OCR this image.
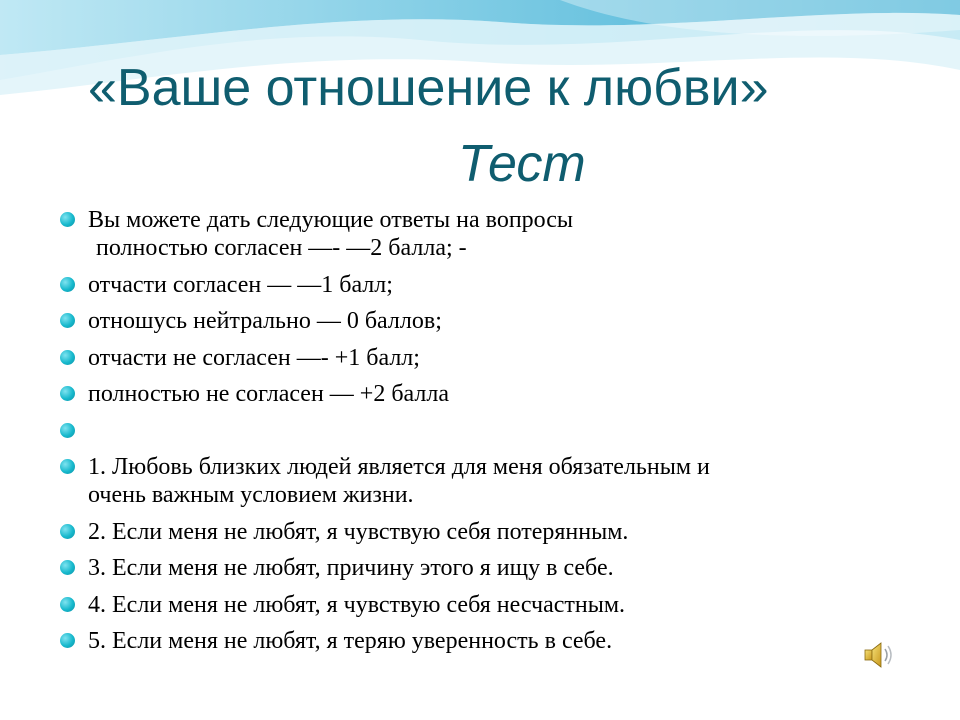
«Ваше отношение к любви»
Тест
Вы можете дать следующие ответы на вопросы
полностью согласен —- —2 балла; -
отчасти согласен — —1 балл;
отношусь нейтрально — 0 баллов;
отчасти не согласен —- +1 балл;
полностью не согласен — +2 балла

1. Любовь близких людей является для меня обязательным и
очень важным условием жизни.
2. Если меня не любят, я чувствую себя потерянным.
3. Если меня не любят, причину этого я ищу в себе.
4. Если меня не любят, я чувствую себя несчастным.
5. Если меня не любят, я теряю уверенность в себе.
